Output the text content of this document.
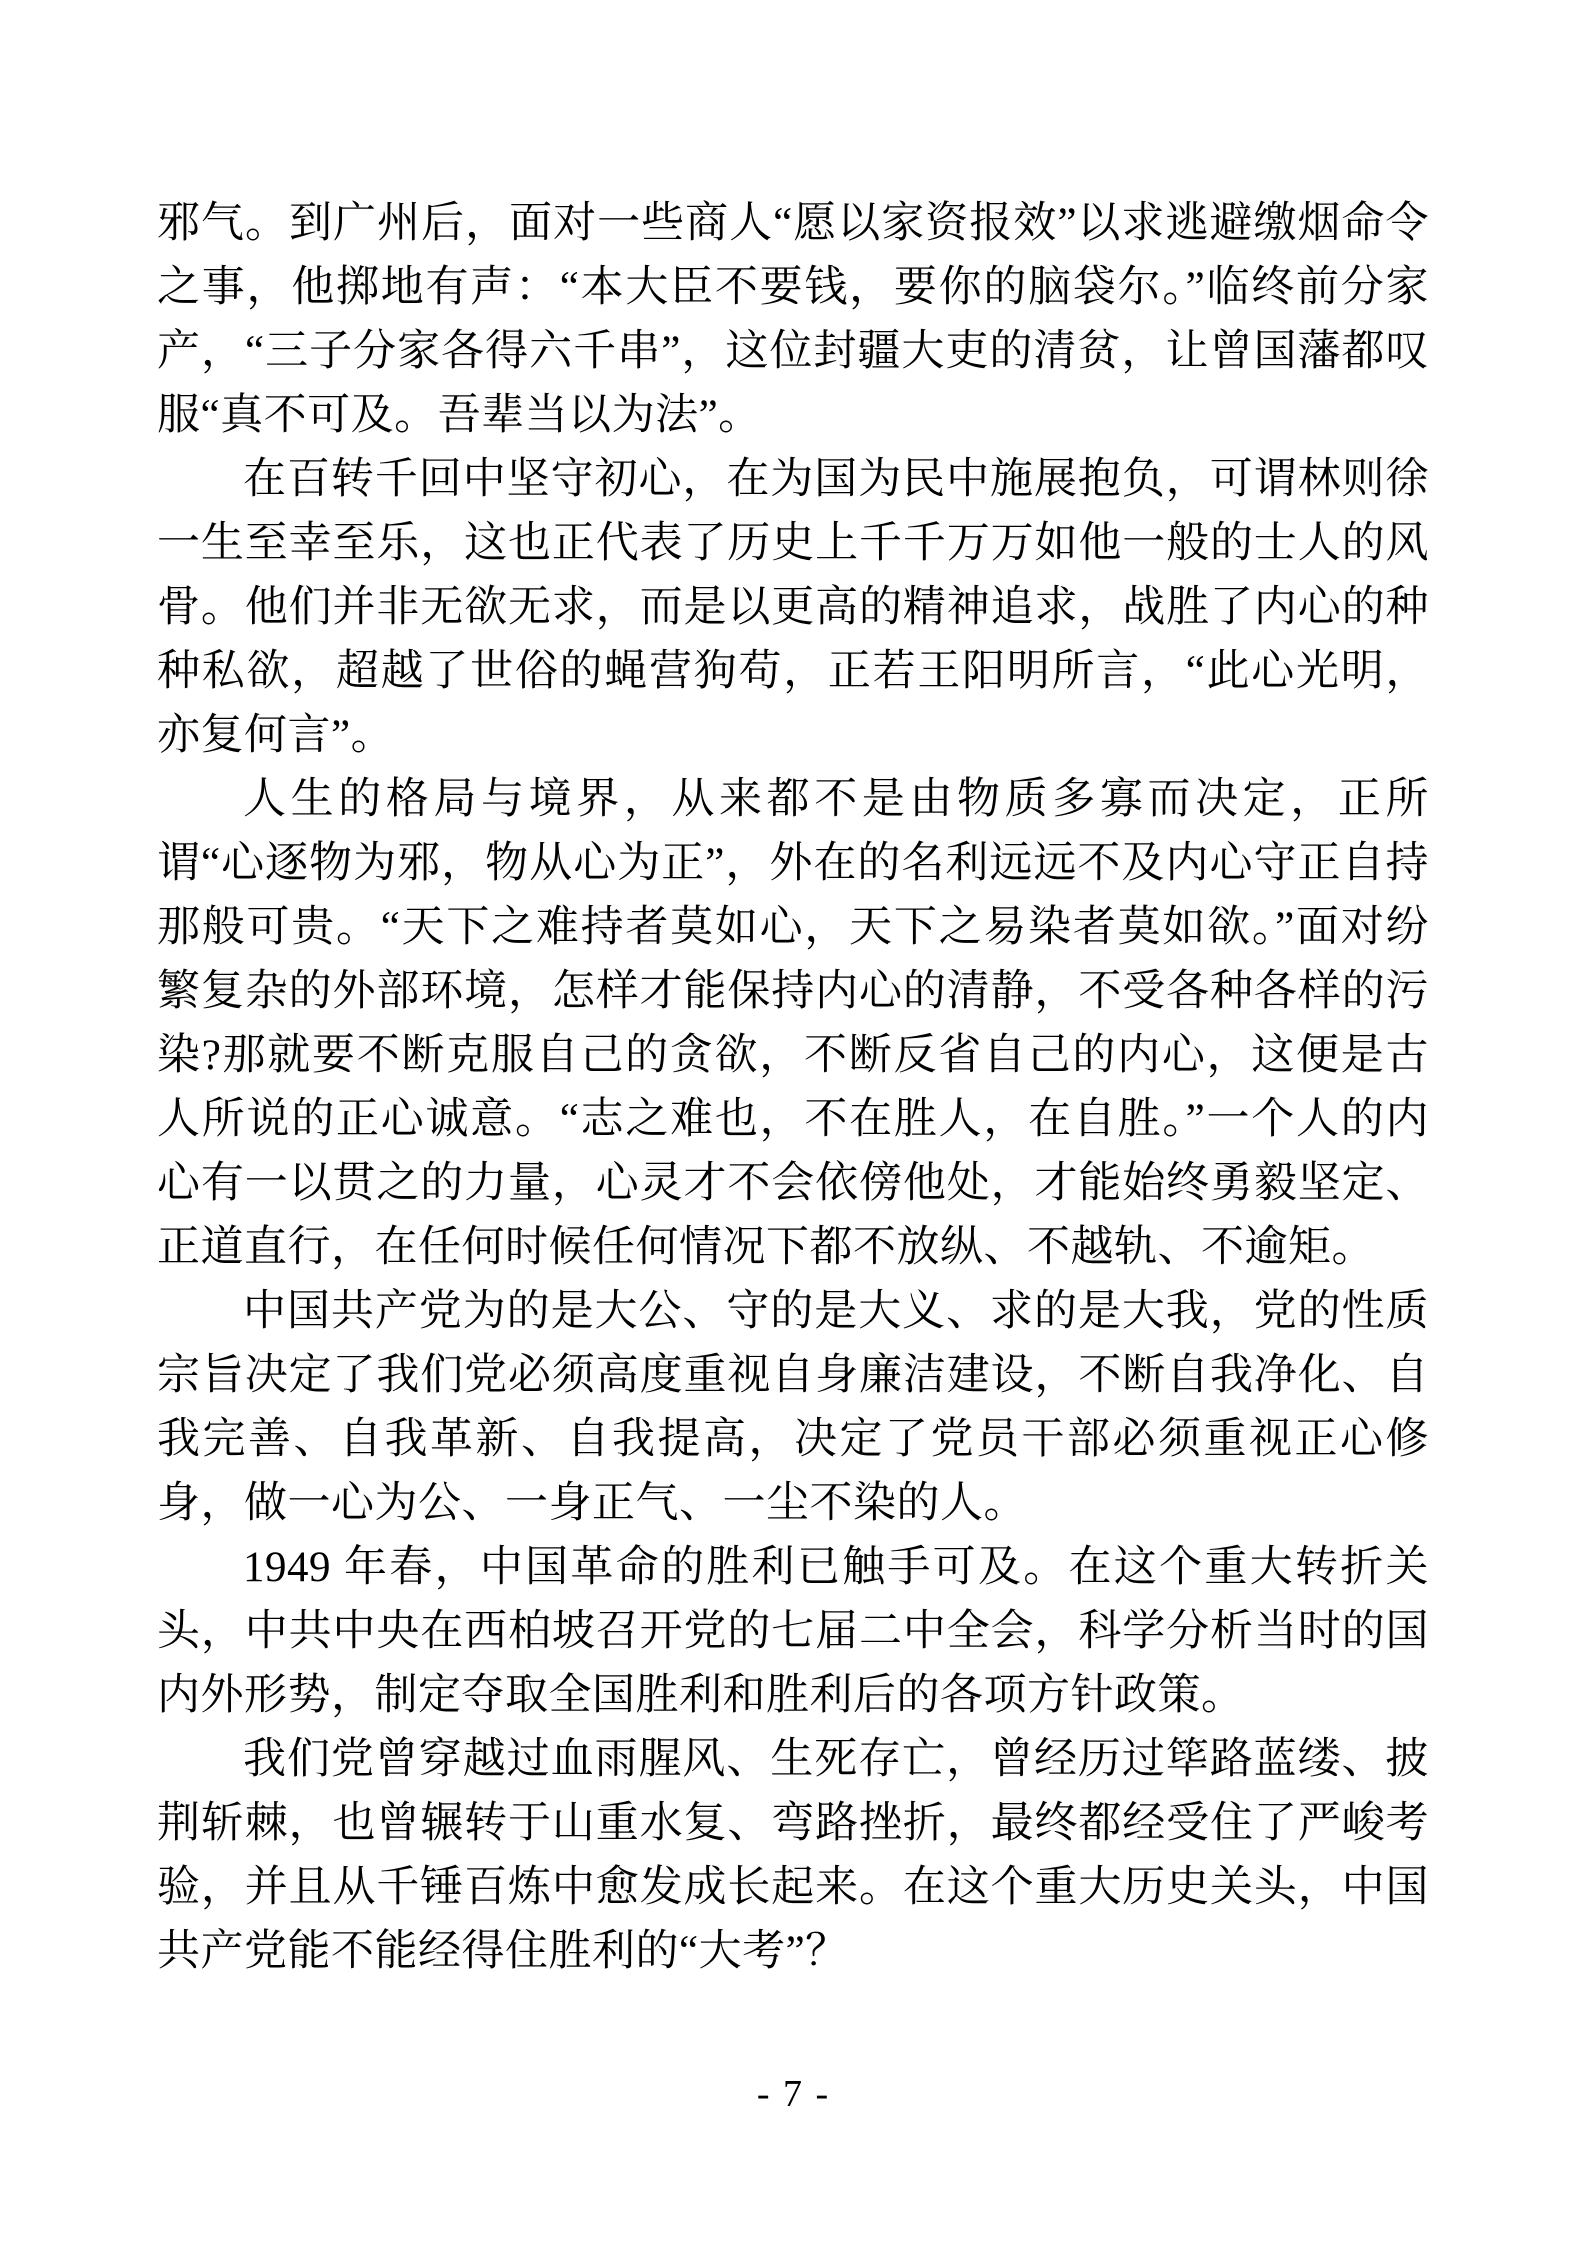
邪气。到广州后，面对一些商人“愿以家资报效”以求逃避缴烟命令之事，他掷地有声：“本大臣不要钱，要你的脑袋尔。”临终前分家产，“三子分家各得六千串”，这位封疆大吏的清贫，让曾国藩都叹服“真不可及。吾辈当以为法”。

在百转千回中坚守初心，在为国为民中施展抱负，可谓林则徐一生至幸至乐，这也正代表了历史上千千万万如他一般的士人的风骨。他们并非无欲无求，而是以更高的精神追求，战胜了内心的种种私欲，超越了世俗的蝇营狗苟，正若王阳明所言，“此心光明，亦复何言”。

人生的格局与境界，从来都不是由物质多寡而决定，正所谓“心逐物为邪，物从心为正”，外在的名利远远不及内心守正自持那般可贵。“天下之难持者莫如心，天下之易染者莫如欲。”面对纷繁复杂的外部环境，怎样才能保持内心的清静，不受各种各样的污染?那就要不断克服自己的贪欲，不断反省自己的内心，这便是古人所说的正心诚意。“志之难也，不在胜人，在自胜。”一个人的内心有一以贯之的力量，心灵才不会依傍他处，才能始终勇毅坚定、正道直行，在任何时候任何情况下都不放纵、不越轨、不逾矩。

中国共产党为的是大公、守的是大义、求的是大我，党的性质宗旨决定了我们党必须高度重视自身廉洁建设，不断自我净化、自我完善、自我革新、自我提高，决定了党员干部必须重视正心修身，做一心为公、一身正气、一尘不染的人。

1949 年春，中国革命的胜利已触手可及。在这个重大转折关头，中共中央在西柏坡召开党的七届二中全会，科学分析当时的国内外形势，制定夺取全国胜利和胜利后的各项方针政策。

我们党曾穿越过血雨腥风、生死存亡，曾经历过筚路蓝缕、披荆斩棘，也曾辗转于山重水复、弯路挫折，最终都经受住了严峻考验，并且从千锤百炼中愈发成长起来。在这个重大历史关头，中国共产党能不能经得住胜利的“大考”？

- 7 -
